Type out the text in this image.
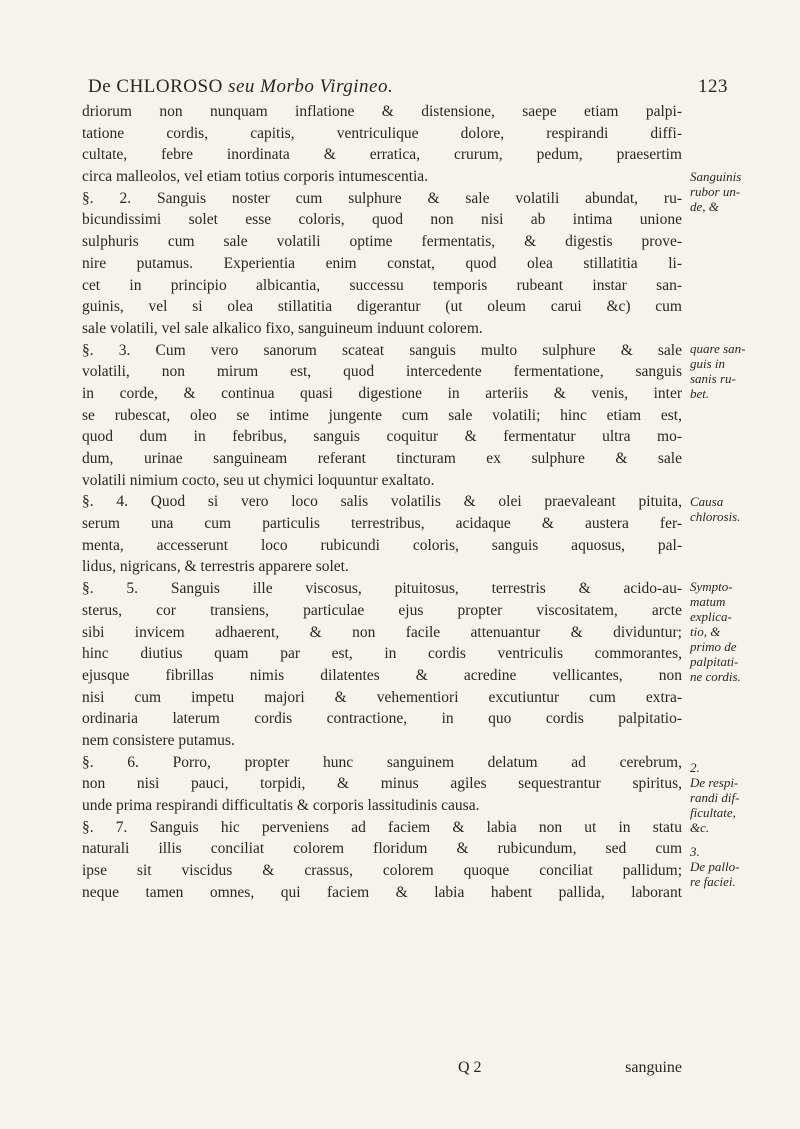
De CHLOROSO seu Morbo Virgineo.	123
driorum non nunquam inflatione & distensione, saepe etiam palpi-
tatione cordis, capitis, ventriculique dolore, respirandi diffi-
cultate, febre inordinata & erratica, crurum, pedum, praesertim
circa malleolos, vel etiam totius corporis intumescentia.
§. 2. Sanguis noster cum sulphure & sale volatili abundat, ru-
bicundissimi solet esse coloris, quod non nisi ab intima unione
sulphuris cum sale volatili optime fermentatis, & digestis prove-
nire putamus. Experientia enim constat, quod olea stillatitia li-
cet in principio albicantia, successu temporis rubeant instar san-
guinis, vel si olea stillatitia digerantur (ut oleum carui &c) cum
sale volatili, vel sale alkalico fixo, sanguineum induunt colorem.
§. 3. Cum vero sanorum scateat sanguis multo sulphure & sale
volatili, non mirum est, quod intercedente fermentatione, sanguis
in corde, & continua quasi digestione in arteriis & venis, inter
se rubescat, oleo se intime jungente cum sale volatili; hinc etiam est,
quod dum in febribus, sanguis coquitur & fermentatur ultra mo-
dum, urinae sanguineam referant tincturam ex sulphure & sale
volatili nimium cocto, seu ut chymici loquuntur exaltato.
§. 4. Quod si vero loco salis volatilis & olei praevaleant pituita,
serum una cum particulis terrestribus, acidaque & austera fer-
menta, accesserunt loco rubicundi coloris, sanguis aquosus, pal-
lidus, nigricans, & terrestris apparere solet.
§. 5. Sanguis ille viscosus, pituitosus, terrestris & acido-au-
sterus, cor transiens, particulae ejus propter viscositatem, arcte
sibi invicem adhaerent, & non facile attenuantur & dividuntur;
hinc diutius quam par est, in cordis ventriculis commorantes,
ejusque fibrillas nimis dilatentes & acredine vellicantes, non
nisi cum impetu majori & vehementiori excutiuntur cum extra-
ordinaria laterum cordis contractione, in quo cordis palpitatio-
nem consistere putamus.
§. 6. Porro, propter hunc sanguinem delatum ad cerebrum,
non nisi pauci, torpidi, & minus agiles sequestrantur spiritus,
unde prima respirandi difficultatis & corporis lassitudinis causa.
§. 7. Sanguis hic perveniens ad faciem & labia non ut in statu
naturali illis conciliat colorem floridum & rubicundum, sed cum
ipse sit viscidus & crassus, colorem quoque conciliat pallidum;
neque tamen omnes, qui faciem & labia habent pallida, laborant
Sanguinis
rubor un-
de, &
quare san-
guis in
sanis ru-
bet.
Causa
chlorosis.
Sympto-
matum
explica-
tio, &
primo de
palpitati-
ne cordis.
2.
De respi-
randi dif-
ficultate,
&c.
3.
De pallo-
re faciei.
Q 2	sanguine
